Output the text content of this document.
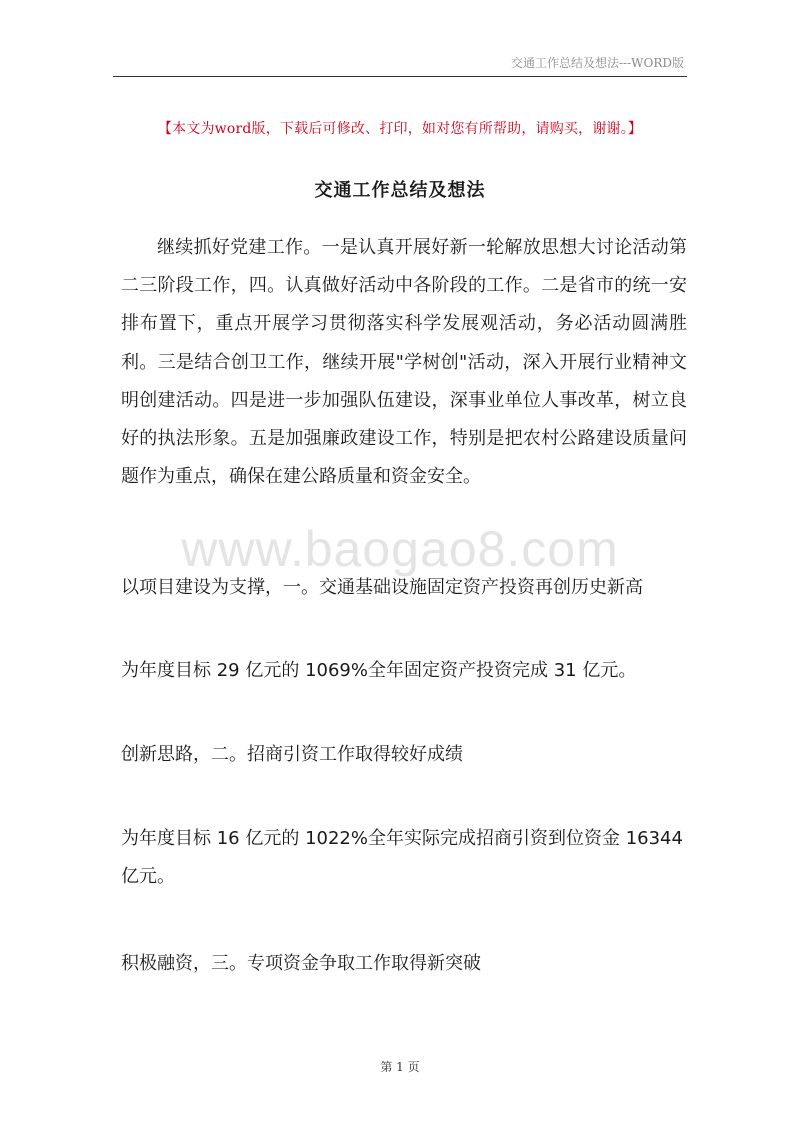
交通工作总结及想法---WORD版
【本文为word版，下载后可修改、打印，如对您有所帮助，请购买，谢谢。】
交通工作总结及想法

继续抓好党建工作。一是认真开展好新一轮解放思想大讨论活动第二三阶段工作，四。认真做好活动中各阶段的工作。二是省市的统一安排布置下，重点开展学习贯彻落实科学发展观活动，务必活动圆满胜利。三是结合创卫工作，继续开展"学树创"活动，深入开展行业精神文明创建活动。四是进一步加强队伍建设，深事业单位人事改革，树立良好的执法形象。五是加强廉政建设工作，特别是把农村公路建设质量问题作为重点，确保在建公路质量和资金安全。

www.baogao8.com

以项目建设为支撑，一。交通基础设施固定资产投资再创历史新高

为年度目标 29 亿元的 1069%全年固定资产投资完成 31 亿元。

创新思路，二。招商引资工作取得较好成绩

为年度目标 16 亿元的 1022%全年实际完成招商引资到位资金 16344 亿元。

积极融资，三。专项资金争取工作取得新突破

第 1 页
